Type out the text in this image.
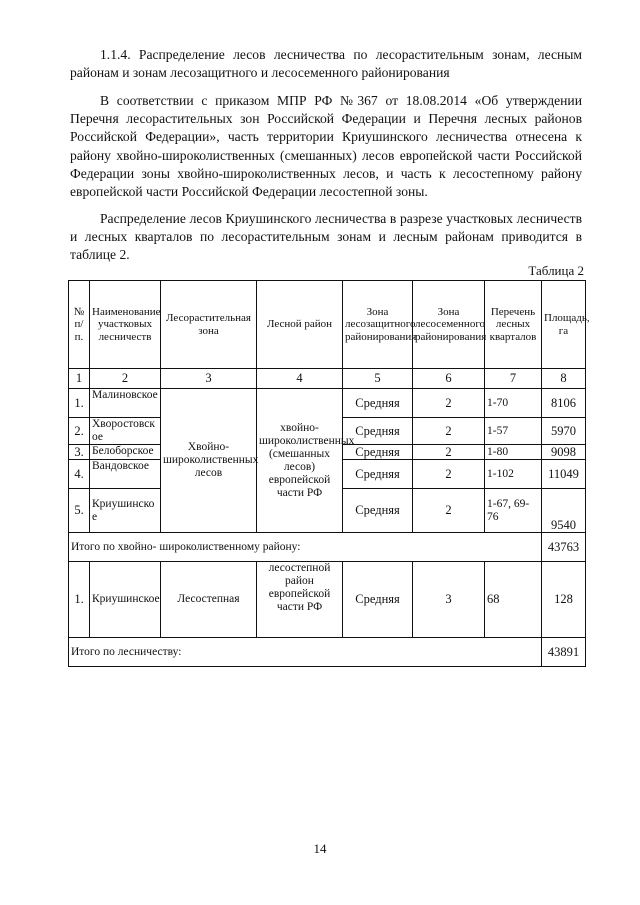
1.1.4. Распределение лесов лесничества по лесорастительным зонам, лесным районам и зонам лесозащитного и лесосеменного районирования

В соответствии с приказом МПР РФ №367 от 18.08.2014 «Об утверждении Перечня лесорастительных зон Российской Федерации и Перечня лесных районов Российской Федерации», часть территории Криушинского лесничества отнесена к району хвойно-широколиственных (смешанных) лесов европейской части Российской Федерации зоны хвойно-широколиственных лесов, и часть к лесостепному району европейской части Российской Федерации лесостепной зоны.

Распределение лесов Криушинского лесничества в разрезе участковых лесничеств и лесных кварталов по лесорастительным зонам и лесным районам приводится в таблице 2.

Таблица 2
№ п/п.	Наименование участковых лесничеств	Лесорастительная зона	Лесной район	Зона лесозащитного районирования	Зона лесосеменного районирования	Перечень лесных кварталов	Площадь, га
1	2	3	4	5	6	7	8
1.	Малиновское	Хвойно-широколиственных лесов	хвойно-широколиственных (смешанных лесов) европейской части РФ	Средняя	2	1-70	8106
2.	Хворостовское			Средняя	2	1-57	5970
3.	Белоборское			Средняя	2	1-80	9098
4.	Вандовское			Средняя	2	1-102	11049
5.	Криушинское			Средняя	2	1-67, 69-76	9540
Итого по хвойно- широколиственному району:							43763
1.	Криушинское	Лесостепная	лесостепной район европейской части РФ	Средняя	3	68	128
Итого по лесничеству:							43891
14
